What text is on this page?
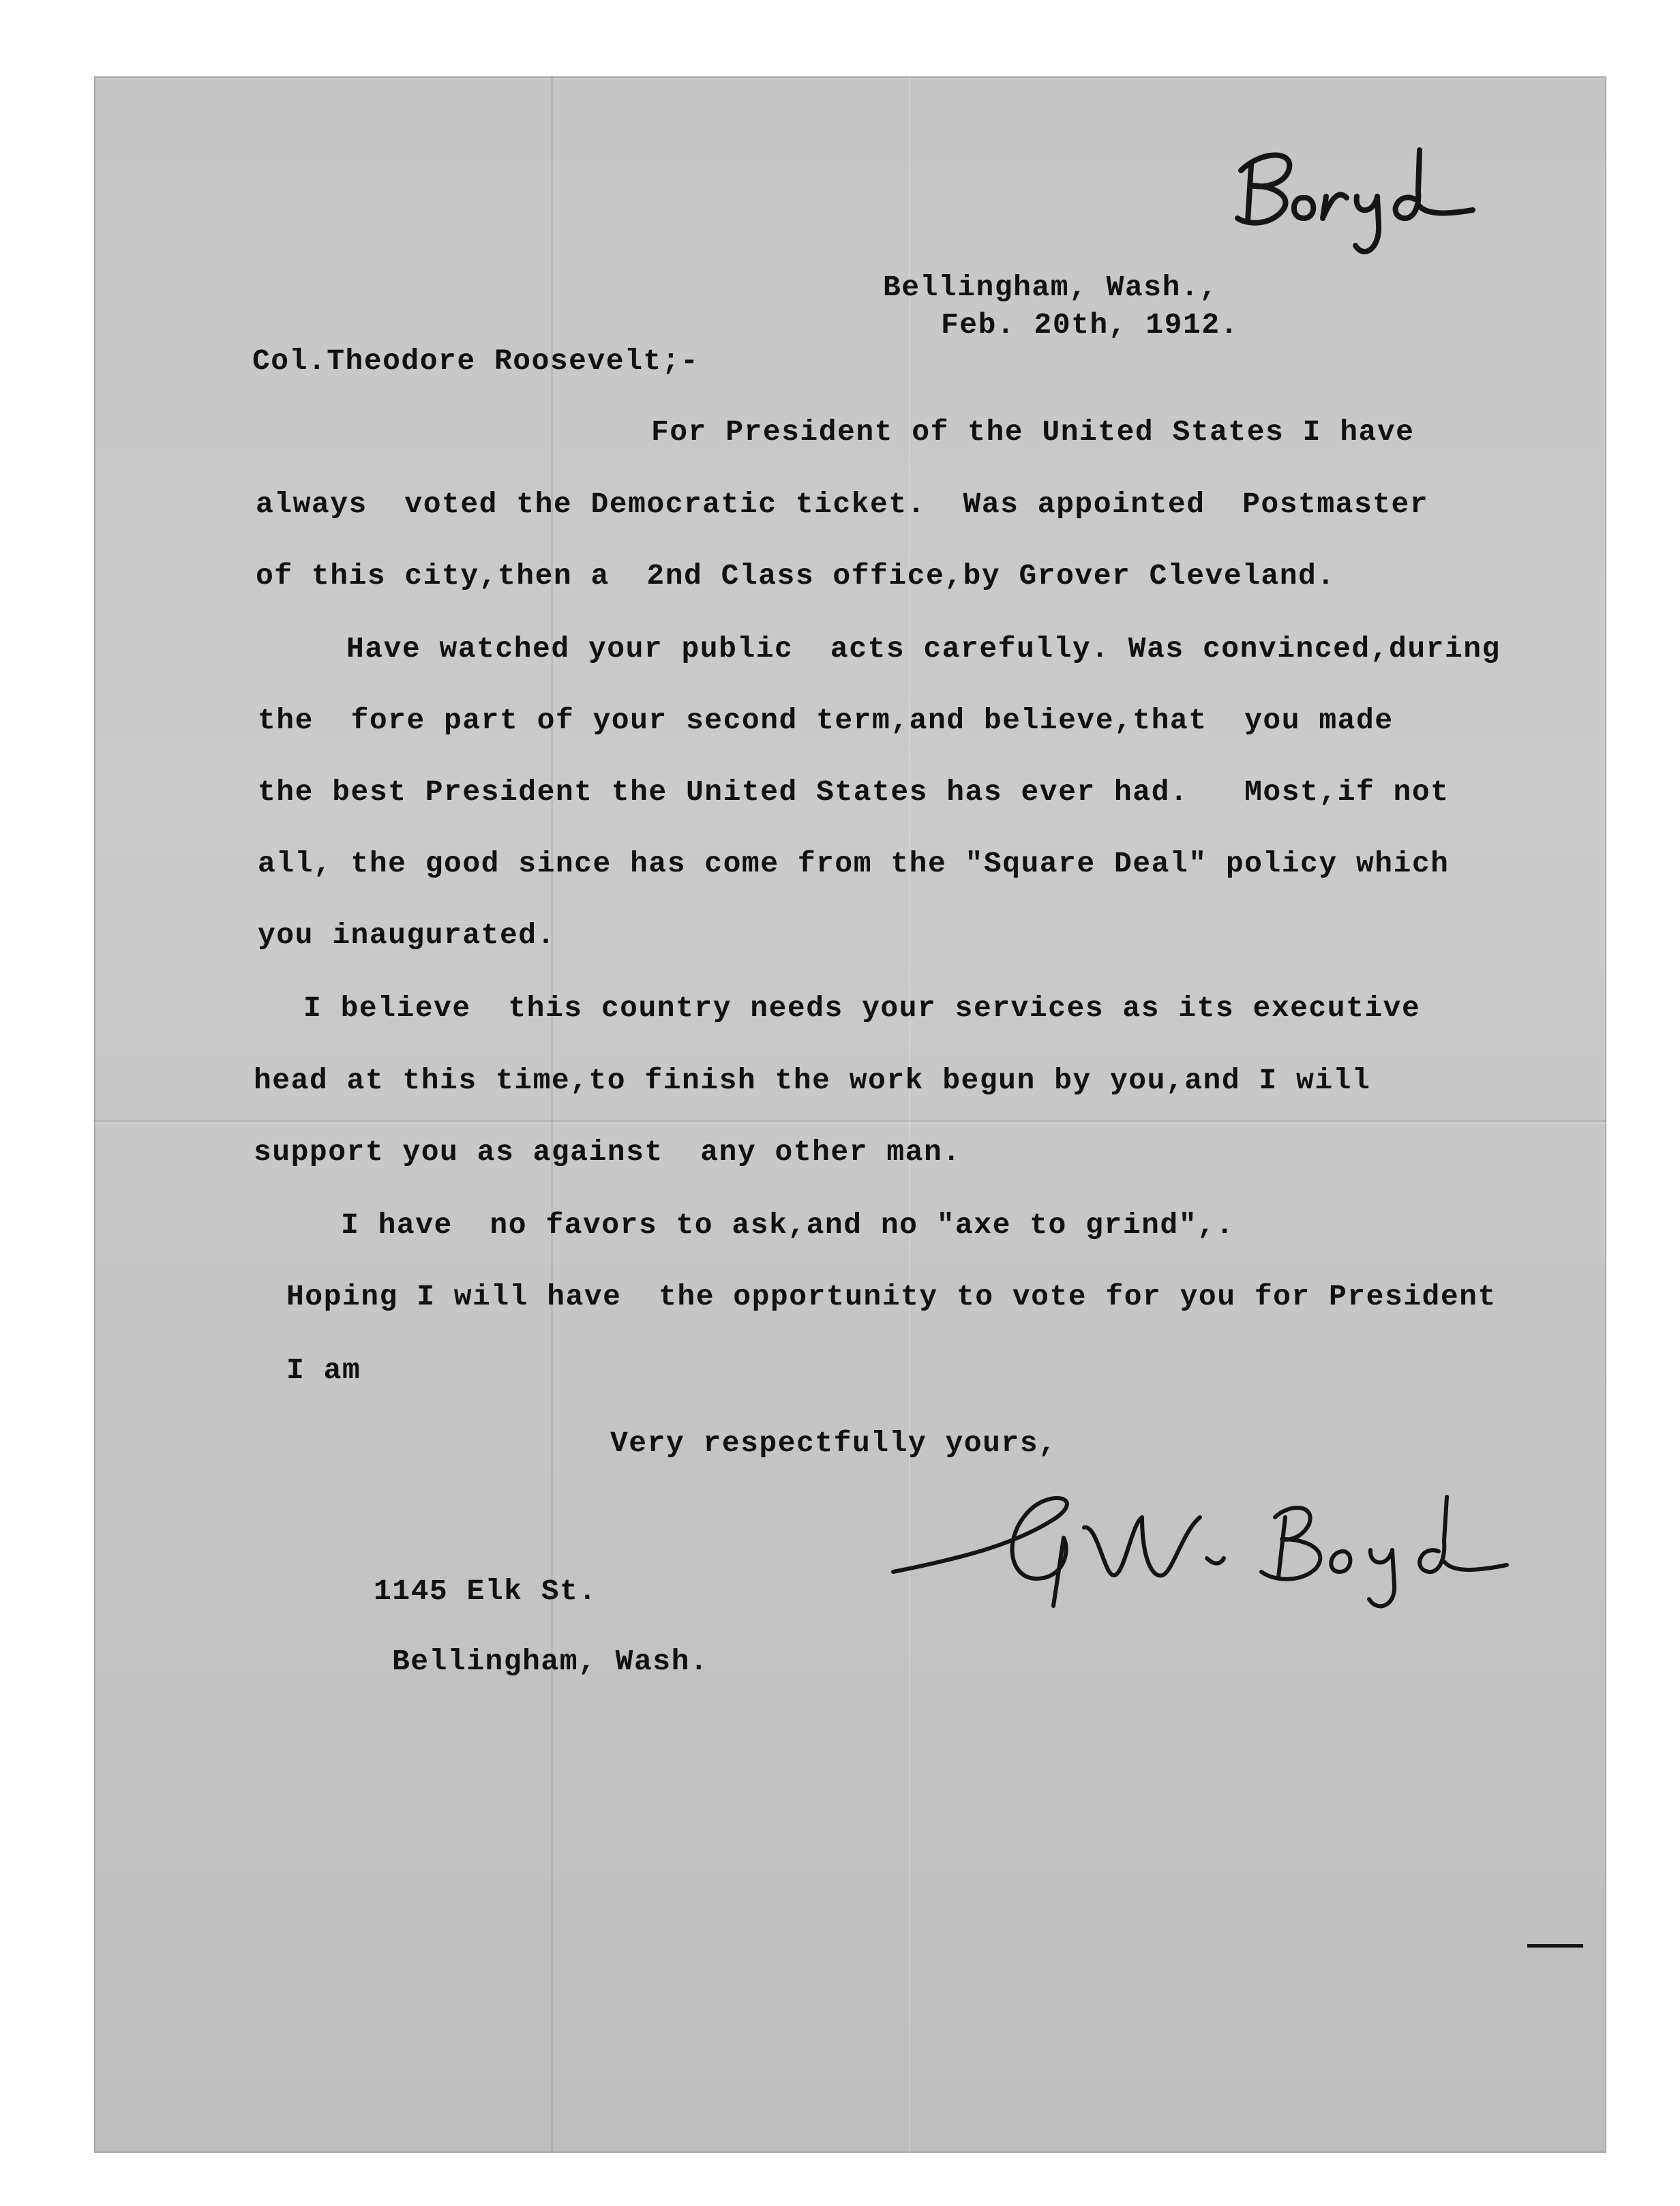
Bellingham, Wash.,
Feb. 20th, 1912.
Col.Theodore Roosevelt;-
For President of the United States I have
always  voted the Democratic ticket.  Was appointed  Postmaster
of this city,then a  2nd Class office,by Grover Cleveland.
Have watched your public  acts carefully. Was convinced,during
the  fore part of your second term,and believe,that  you made
the best President the United States has ever had.   Most,if not
all, the good since has come from the "Square Deal" policy which
you inaugurated.
I believe  this country needs your services as its executive
head at this time,to finish the work begun by you,and I will
support you as against  any other man.
I have  no favors to ask,and no "axe to grind",.
Hoping I will have  the opportunity to vote for you for President
I am
Very respectfully yours,
1145 Elk St.
Bellingham, Wash.
